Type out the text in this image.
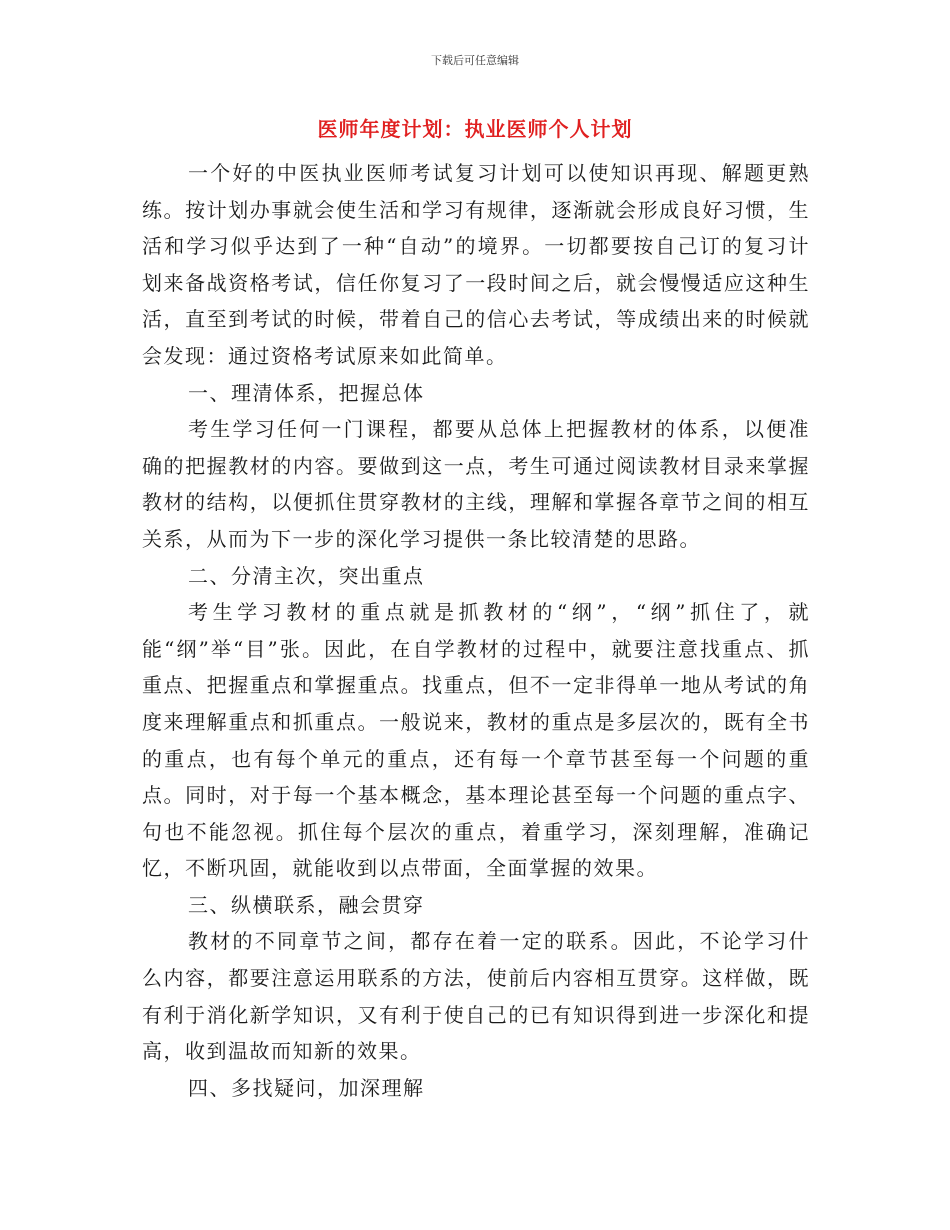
下载后可任意编辑
医师年度计划：执业医师个人计划

一个好的中医执业医师考试复习计划可以使知识再现、解题更熟练。按计划办事就会使生活和学习有规律，逐渐就会形成良好习惯，生活和学习似乎达到了一种“自动”的境界。一切都要按自己订的复习计划来备战资格考试，信任你复习了一段时间之后，就会慢慢适应这种生活，直至到考试的时候，带着自己的信心去考试，等成绩出来的时候就会发现：通过资格考试原来如此简单。

一、理清体系，把握总体

考生学习任何一门课程，都要从总体上把握教材的体系，以便准确的把握教材的内容。要做到这一点，考生可通过阅读教材目录来掌握教材的结构，以便抓住贯穿教材的主线，理解和掌握各章节之间的相互关系，从而为下一步的深化学习提供一条比较清楚的思路。

二、分清主次，突出重点

考生学习教材的重点就是抓教材的“纲”，“纲”抓住了，就能“纲”举“目”张。因此，在自学教材的过程中，就要注意找重点、抓重点、把握重点和掌握重点。找重点，但不一定非得单一地从考试的角度来理解重点和抓重点。一般说来，教材的重点是多层次的，既有全书的重点，也有每个单元的重点，还有每一个章节甚至每一个问题的重点。同时，对于每一个基本概念，基本理论甚至每一个问题的重点字、句也不能忽视。抓住每个层次的重点，着重学习，深刻理解，准确记忆，不断巩固，就能收到以点带面，全面掌握的效果。

三、纵横联系，融会贯穿

教材的不同章节之间，都存在着一定的联系。因此，不论学习什么内容，都要注意运用联系的方法，使前后内容相互贯穿。这样做，既有利于消化新学知识，又有利于使自己的已有知识得到进一步深化和提高，收到温故而知新的效果。

四、多找疑问，加深理解
